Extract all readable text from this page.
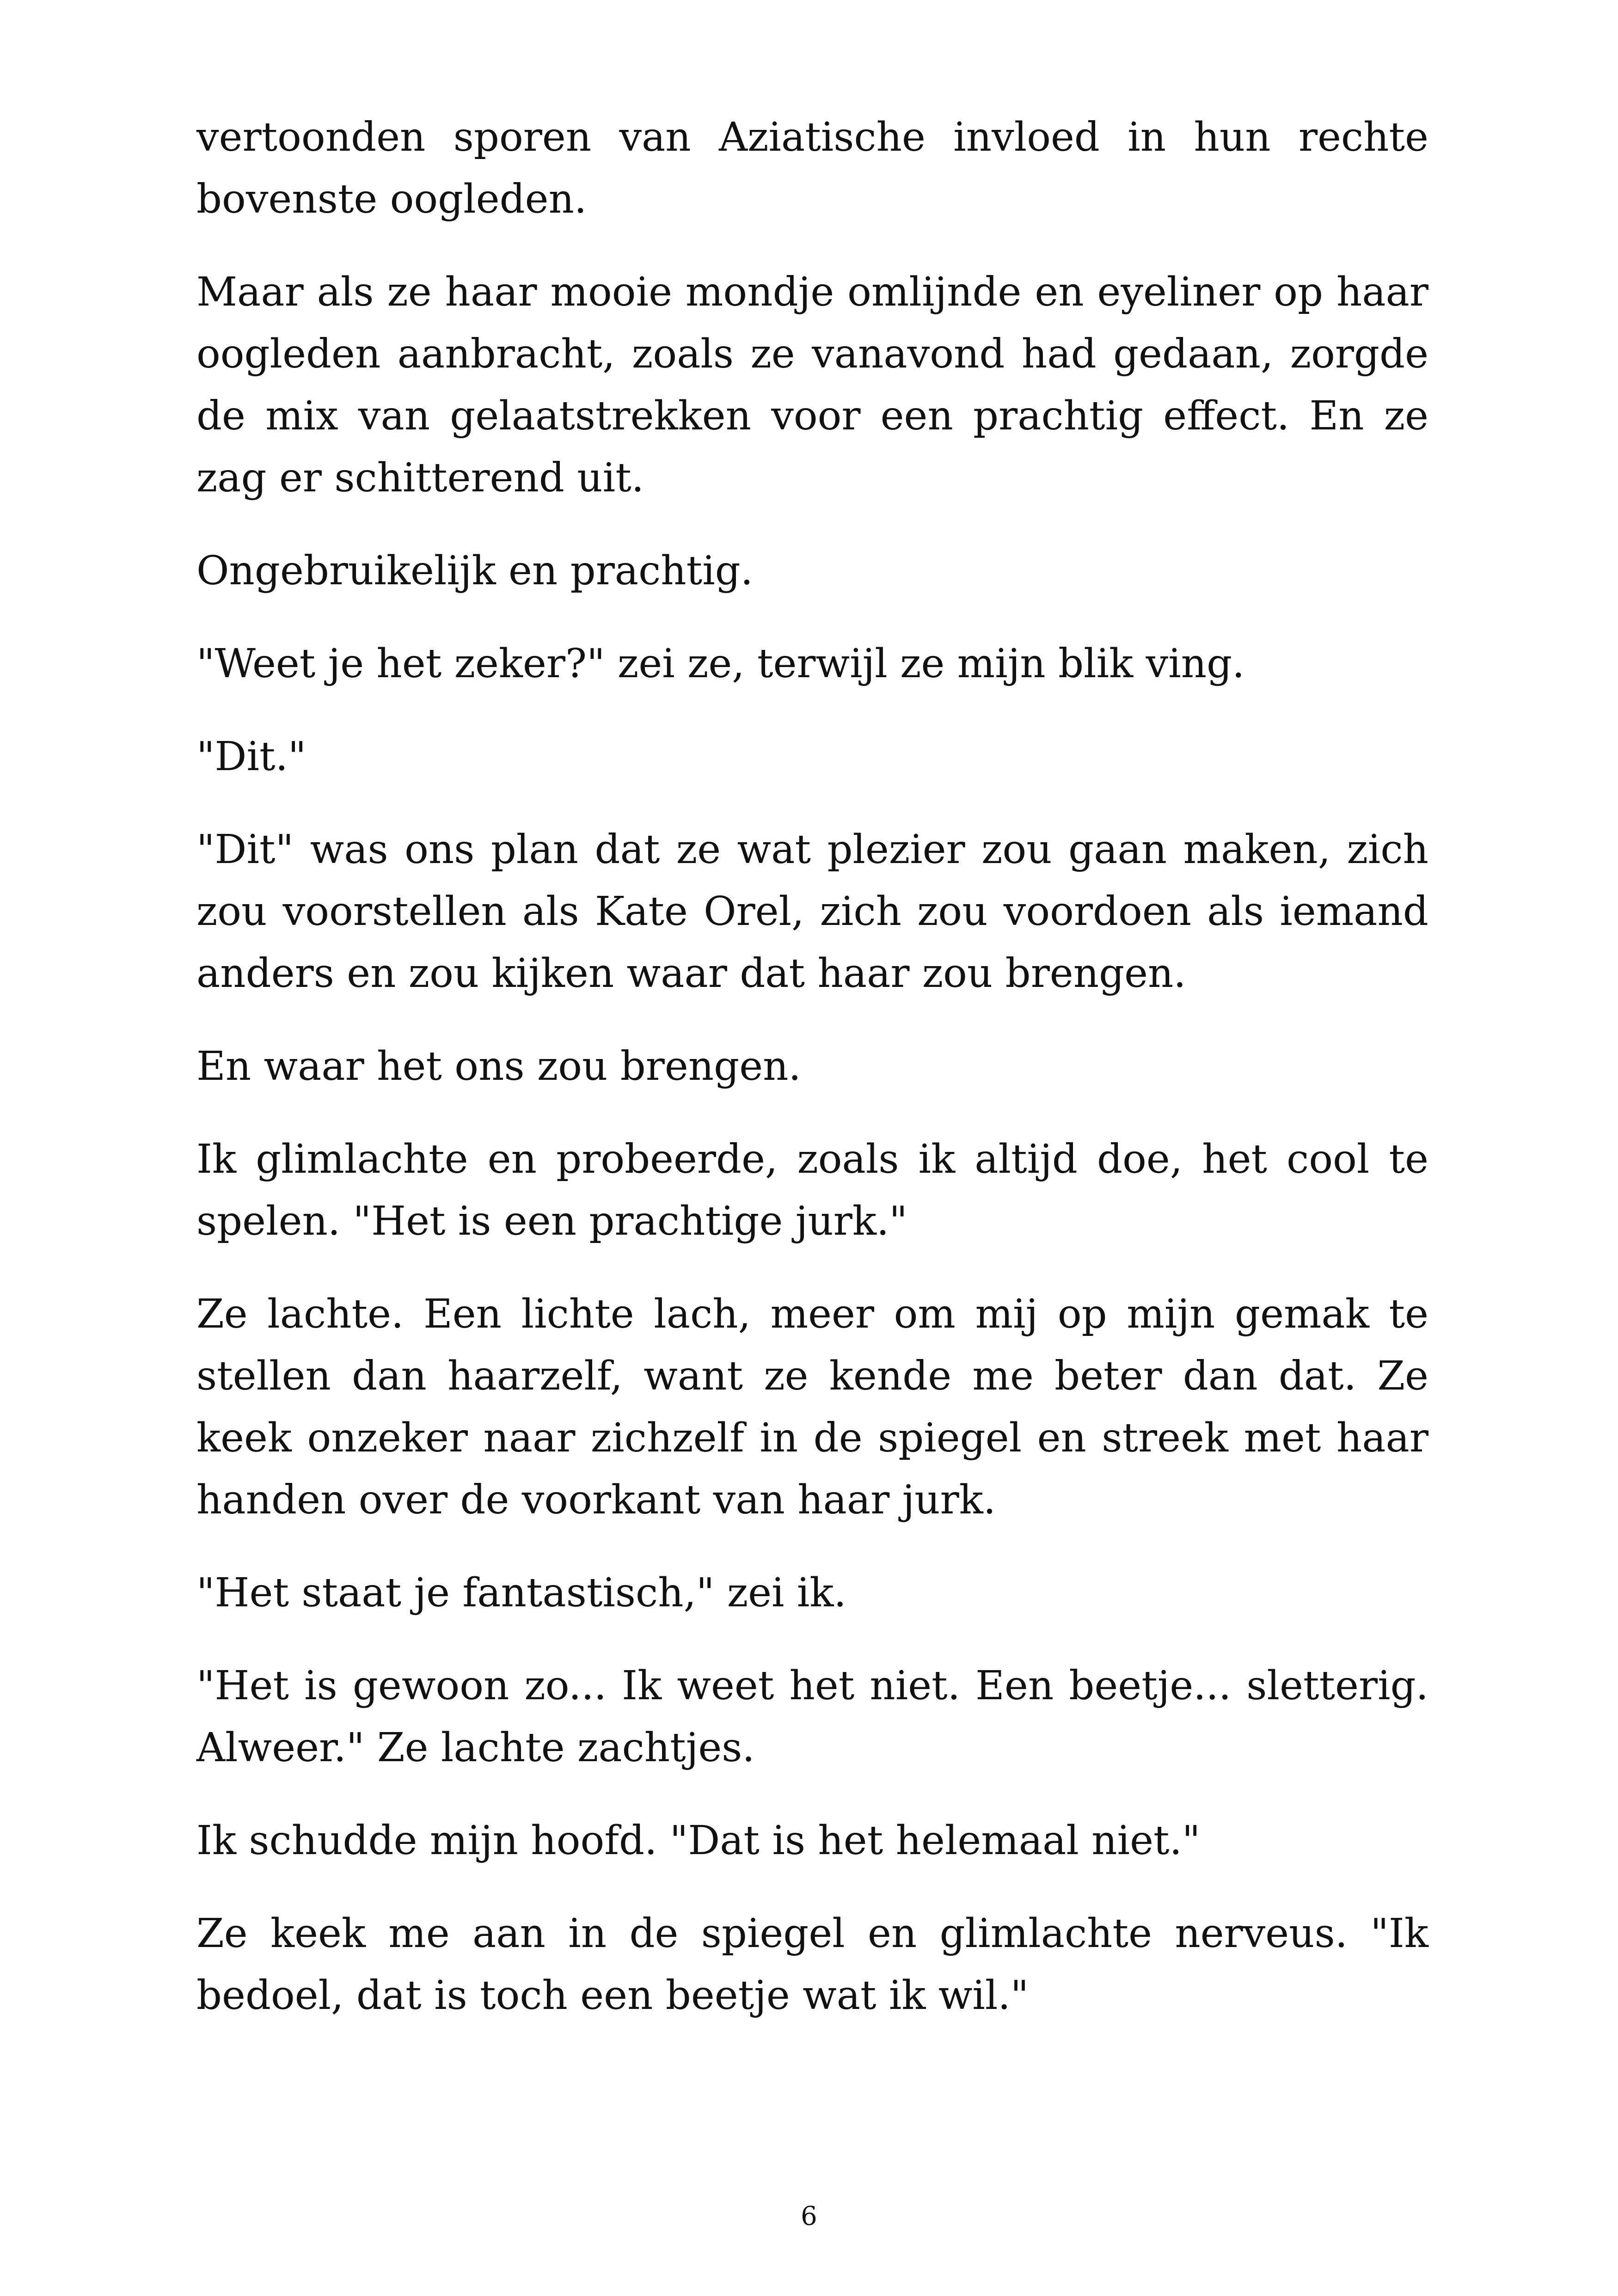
vertoonden sporen van Aziatische invloed in hun rechte bovenste oogleden.

Maar als ze haar mooie mondje omlijnde en eyeliner op haar oogleden aanbracht, zoals ze vanavond had gedaan, zorgde de mix van gelaatstrekken voor een prachtig effect. En ze zag er schitterend uit.

Ongebruikelijk en prachtig.

"Weet je het zeker?" zei ze, terwijl ze mijn blik ving.

"Dit."

"Dit" was ons plan dat ze wat plezier zou gaan maken, zich zou voorstellen als Kate Orel, zich zou voordoen als iemand anders en zou kijken waar dat haar zou brengen.

En waar het ons zou brengen.

Ik glimlachte en probeerde, zoals ik altijd doe, het cool te spelen. "Het is een prachtige jurk."

Ze lachte. Een lichte lach, meer om mij op mijn gemak te stellen dan haarzelf, want ze kende me beter dan dat. Ze keek onzeker naar zichzelf in de spiegel en streek met haar handen over de voorkant van haar jurk.

"Het staat je fantastisch," zei ik.

"Het is gewoon zo... Ik weet het niet. Een beetje... sletterig. Alweer." Ze lachte zachtjes.

Ik schudde mijn hoofd. "Dat is het helemaal niet."

Ze keek me aan in de spiegel en glimlachte nerveus. "Ik bedoel, dat is toch een beetje wat ik wil."

6
